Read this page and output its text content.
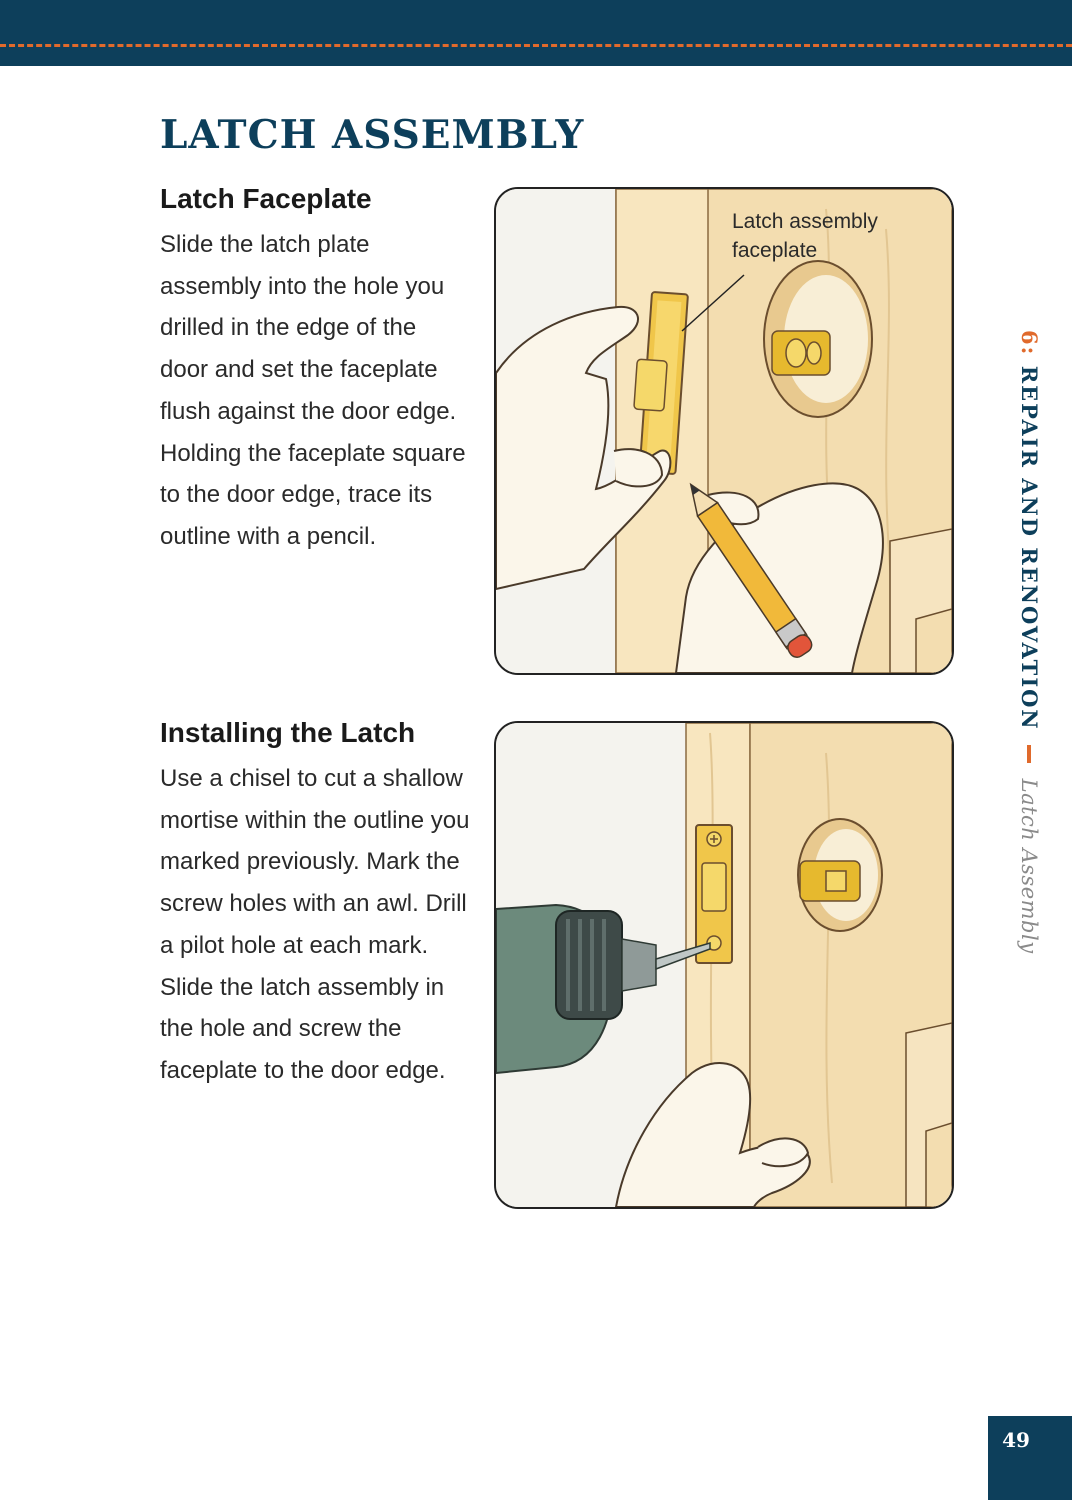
LATCH ASSEMBLY
Latch Faceplate

Slide the latch plate assembly into the hole you drilled in the edge of the door and set the faceplate flush against the door edge. Holding the faceplate square to the door edge, trace its outline with a pencil.

Latch assembly faceplate

Installing the Latch

Use a chisel to cut a shallow mortise within the outline you marked previously. Mark the screw holes with an awl. Drill a pilot hole at each mark. Slide the latch assembly in the hole and screw the faceplate to the door edge.

6: REPAIR AND RENOVATION
Latch Assembly
49
